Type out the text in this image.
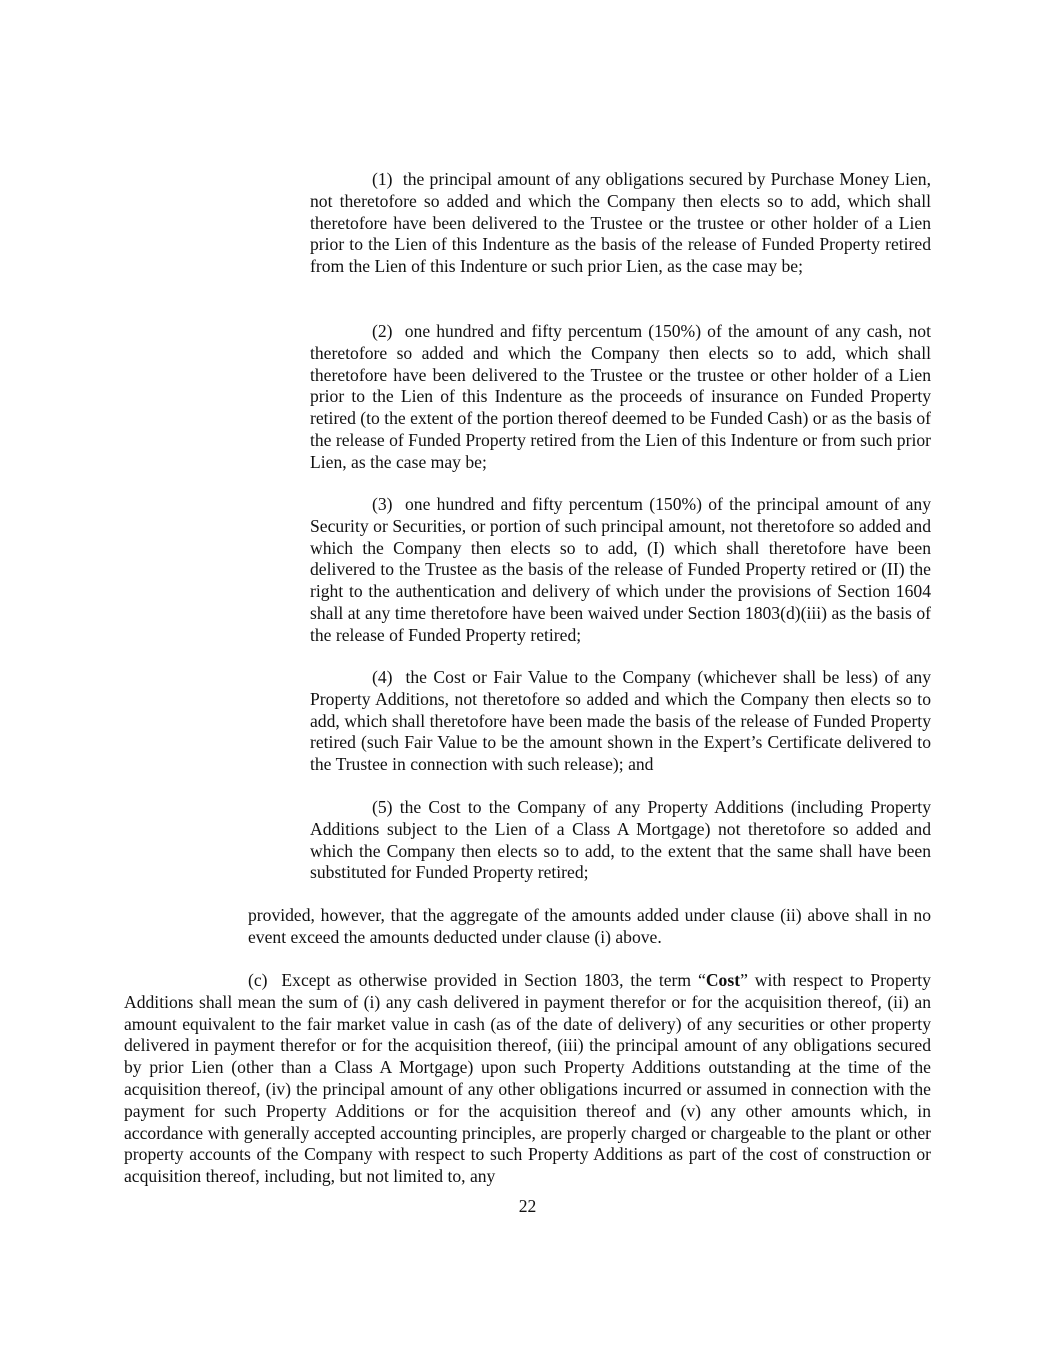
(1)  the principal amount of any obligations secured by Purchase Money Lien, not theretofore so added and which the Company then elects so to add, which shall theretofore have been delivered to the Trustee or the trustee or other holder of a Lien prior to the Lien of this Indenture as the basis of the release of Funded Property retired from the Lien of this Indenture or such prior Lien, as the case may be;

(2)  one hundred and fifty percentum (150%) of the amount of any cash, not theretofore so added and which the Company then elects so to add, which shall theretofore have been delivered to the Trustee or the trustee or other holder of a Lien prior to the Lien of this Indenture as the proceeds of insurance on Funded Property retired (to the extent of the portion thereof deemed to be Funded Cash) or as the basis of the release of Funded Property retired from the Lien of this Indenture or from such prior Lien, as the case may be;

(3)  one hundred and fifty percentum (150%) of the principal amount of any Security or Securities, or portion of such principal amount, not theretofore so added and which the Company then elects so to add, (I) which shall theretofore have been delivered to the Trustee as the basis of the release of Funded Property retired or (II) the right to the authentication and delivery of which under the provisions of Section 1604 shall at any time theretofore have been waived under Section 1803(d)(iii) as the basis of the release of Funded Property retired;

(4)  the Cost or Fair Value to the Company (whichever shall be less) of any Property Additions, not theretofore so added and which the Company then elects so to add, which shall theretofore have been made the basis of the release of Funded Property retired (such Fair Value to be the amount shown in the Expert’s Certificate delivered to the Trustee in connection with such release); and

(5) the Cost to the Company of any Property Additions (including Property Additions subject to the Lien of a Class A Mortgage) not theretofore so added and which the Company then elects so to add, to the extent that the same shall have been substituted for Funded Property retired;

provided, however, that the aggregate of the amounts added under clause (ii) above shall in no event exceed the amounts deducted under clause (i) above.

(c)  Except as otherwise provided in Section 1803, the term “Cost” with respect to Property Additions shall mean the sum of (i) any cash delivered in payment therefor or for the acquisition thereof, (ii) an amount equivalent to the fair market value in cash (as of the date of delivery) of any securities or other property delivered in payment therefor or for the acquisition thereof, (iii) the principal amount of any obligations secured by prior Lien (other than a Class A Mortgage) upon such Property Additions outstanding at the time of the acquisition thereof, (iv) the principal amount of any other obligations incurred or assumed in connection with the payment for such Property Additions or for the acquisition thereof and (v) any other amounts which, in accordance with generally accepted accounting principles, are properly charged or chargeable to the plant or other property accounts of the Company with respect to such Property Additions as part of the cost of construction or acquisition thereof, including, but not limited to, any

22
